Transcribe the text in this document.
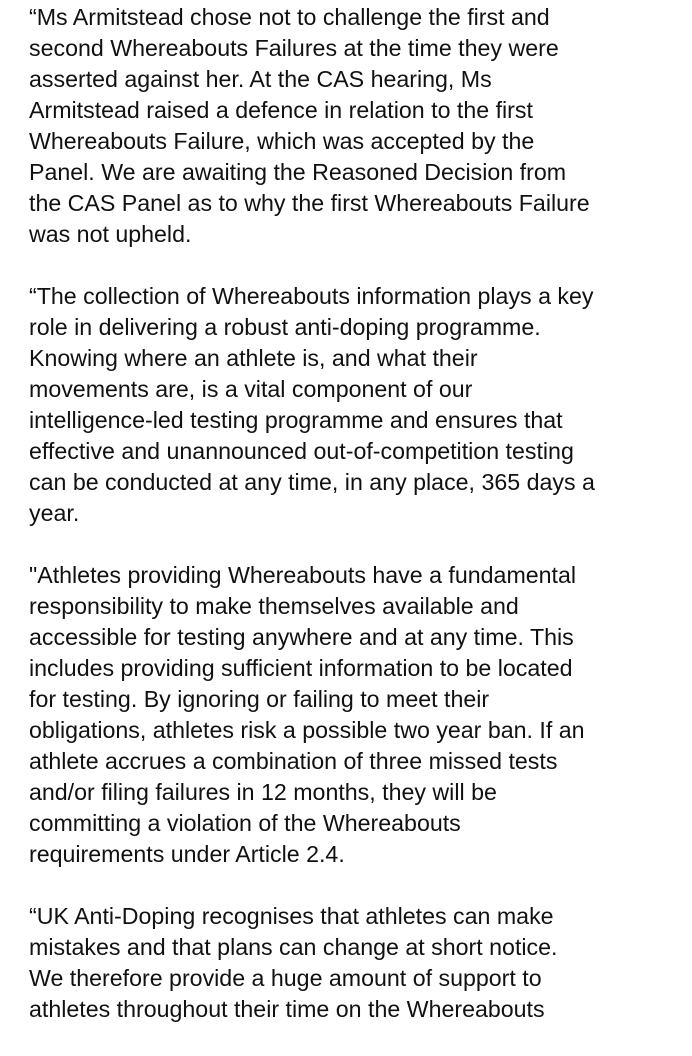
“Ms Armitstead chose not to challenge the first and
second Whereabouts Failures at the time they were
asserted against her. At the CAS hearing, Ms
Armitstead raised a defence in relation to the first
Whereabouts Failure, which was accepted by the
Panel. We are awaiting the Reasoned Decision from
the CAS Panel as to why the first Whereabouts Failure
was not upheld.

“The collection of Whereabouts information plays a key
role in delivering a robust anti-doping programme.
Knowing where an athlete is, and what their
movements are, is a vital component of our
intelligence-led testing programme and ensures that
effective and unannounced out-of-competition testing
can be conducted at any time, in any place, 365 days a
year.

"Athletes providing Whereabouts have a fundamental
responsibility to make themselves available and
accessible for testing anywhere and at any time. This
includes providing sufficient information to be located
for testing. By ignoring or failing to meet their
obligations, athletes risk a possible two year ban. If an
athlete accrues a combination of three missed tests
and/or filing failures in 12 months, they will be
committing a violation of the Whereabouts
requirements under Article 2.4.

“UK Anti-Doping recognises that athletes can make
mistakes and that plans can change at short notice.
We therefore provide a huge amount of support to
athletes throughout their time on the Whereabouts
